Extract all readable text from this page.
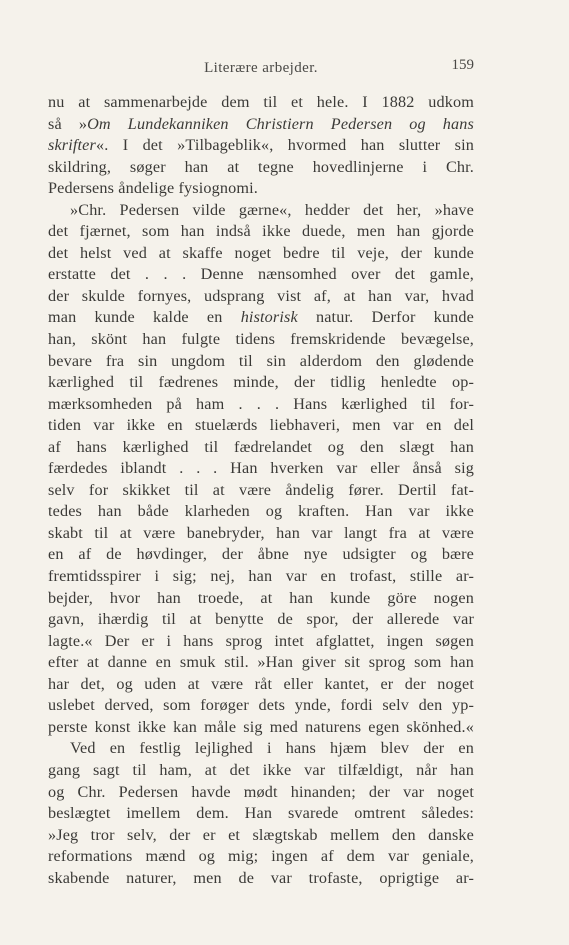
Literære arbejder.	159
nu at sammenarbejde dem til et hele. I 1882 udkom
så »Om Lundekanniken Christiern Pedersen og hans
skrifter«. I det »Tilbageblik«, hvormed han slutter sin
skildring, søger han at tegne hovedlinjerne i Chr.
Pedersens åndelige fysiognomi.
»Chr. Pedersen vilde gærne«, hedder det her, »have
det fjærnet, som han indså ikke duede, men han gjorde
det helst ved at skaffe noget bedre til veje, der kunde
erstatte det . . . Denne nænsomhed over det gamle,
der skulde fornyes, udsprang vist af, at han var, hvad
man kunde kalde en historisk natur. Derfor kunde
han, skönt han fulgte tidens fremskridende bevægelse,
bevare fra sin ungdom til sin alderdom den glødende
kærlighed til fædrenes minde, der tidlig henledte op-
mærksomheden på ham . . . Hans kærlighed til for-
tiden var ikke en stuelærds liebhaveri, men var en del
af hans kærlighed til fædrelandet og den slægt han
færdedes iblandt . . . Han hverken var eller ånså sig
selv for skikket til at være åndelig fører. Dertil fat-
tedes han både klarheden og kraften. Han var ikke
skabt til at være banebryder, han var langt fra at være
en af de høvdinger, der åbne nye udsigter og bære
fremtidsspirer i sig; nej, han var en trofast, stille ar-
bejder, hvor han troede, at han kunde göre nogen
gavn, ihærdig til at benytte de spor, der allerede var
lagte.« Der er i hans sprog intet afglattet, ingen søgen
efter at danne en smuk stil. »Han giver sit sprog som han
har det, og uden at være råt eller kantet, er der noget
uslebet derved, som forøger dets ynde, fordi selv den yp-
perste konst ikke kan måle sig med naturens egen skönhed.«
Ved en festlig lejlighed i hans hjæm blev der en
gang sagt til ham, at det ikke var tilfældigt, når han
og Chr. Pedersen havde mødt hinanden; der var noget
beslægtet imellem dem. Han svarede omtrent således:
»Jeg tror selv, der er et slægtskab mellem den danske
reformations mænd og mig; ingen af dem var geniale,
skabende naturer, men de var trofaste, oprigtige ar-
